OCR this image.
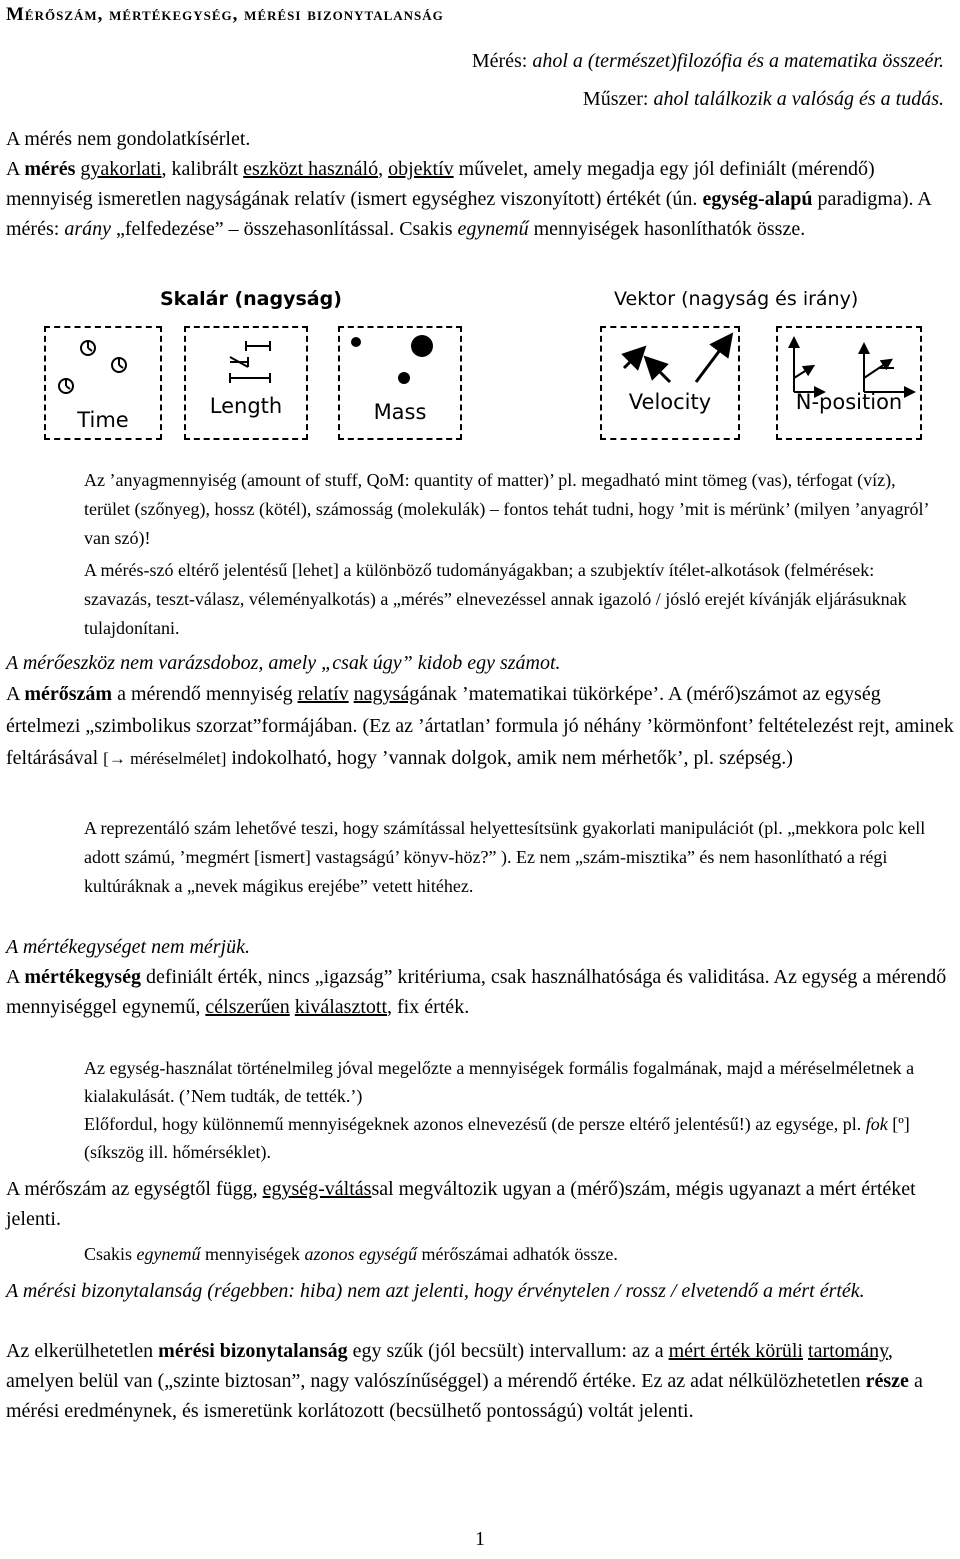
Mérőszám, mértékegység, mérési bizonytalanság
Mérés: ahol a (természet)filozófia és a matematika összeér.
Műszer: ahol találkozik a valóság és a tudás.
A mérés nem gondolatkísérlet.
A mérés gyakorlati, kalibrált eszközt használó, objektív művelet, amely megadja egy jól definiált (mérendő) mennyiség ismeretlen nagyságának relatív (ismert egységhez viszonyított) értékét (ún. egység-alapú paradigma). A mérés: arány „felfedezése” – összehasonlítással. Csakis egynemű mennyiségek hasonlíthatók össze.
Skalár (nagyság)	Vektor (nagyság és irány)
Time
Length	Mass	Velocity	N-position
Az ’anyagmennyiség (amount of stuff, QoM: quantity of matter)’ pl. megadható mint tömeg (vas), térfogat (víz), terület (szőnyeg), hossz (kötél), számosság (molekulák) – fontos tehát tudni, hogy ’mit is mérünk’ (milyen ’anyagról’ van szó)!
A mérés-szó eltérő jelentésű [lehet] a különböző tudományágakban; a szubjektív ítélet-alkotások (felmérések: szavazás, teszt-válasz, véleményalkotás) a „mérés” elnevezéssel annak igazoló / jósló erejét kívánják eljárásuknak tulajdonítani.
A mérőeszköz nem varázsdoboz, amely „csak úgy” kidob egy számot.
A mérőszám a mérendő mennyiség relatív nagyságának ’matematikai tükörképe’. A (mérő)számot az egység értelmezi „szimbolikus szorzat”formájában. (Ez az ’ártatlan’ formula jó néhány ’körmönfont’ feltételezést rejt, aminek feltárásával [→ méréselmélet] indokolható, hogy ’vannak dolgok, amik nem mérhetők’, pl. szépség.)
A reprezentáló szám lehetővé teszi, hogy számítással helyettesítsünk gyakorlati manipulációt (pl. „mekkora polc kell adott számú, ’megmért [ismert] vastagságú’ könyv-höz?” ). Ez nem „szám-misztika” és nem hasonlítható a régi kultúráknak a „nevek mágikus erejébe” vetett hitéhez.
A mértékegységet nem mérjük.
A mértékegység definiált érték, nincs „igazság” kritériuma, csak használhatósága és validitása. Az egység a mérendő mennyiséggel egynemű, célszerűen kiválasztott, fix érték.
Az egység-használat történelmileg jóval megelőzte a mennyiségek formális fogalmának, majd a méréselméletnek a kialakulását. (’Nem tudták, de tették.’)
Előfordul, hogy különnemű mennyiségeknek azonos elnevezésű (de persze eltérő jelentésű!) az egysége, pl. fok [º] (síkszög ill. hőmérséklet).
A mérőszám az egységtől függ, egység-váltással megváltozik ugyan a (mérő)szám, mégis ugyanazt a mért értéket jelenti.
Csakis egynemű mennyiségek azonos egységű mérőszámai adhatók össze.
A mérési bizonytalanság (régebben: hiba) nem azt jelenti, hogy érvénytelen / rossz / elvetendő a mért érték.
Az elkerülhetetlen mérési bizonytalanság egy szűk (jól becsült) intervallum: az a mért érték körüli tartomány, amelyen belül van („szinte biztosan”, nagy valószínűséggel) a mérendő értéke. Ez az adat nélkülözhetetlen része a mérési eredménynek, és ismeretünk korlátozott (becsülhető pontosságú) voltát jelenti.
1
